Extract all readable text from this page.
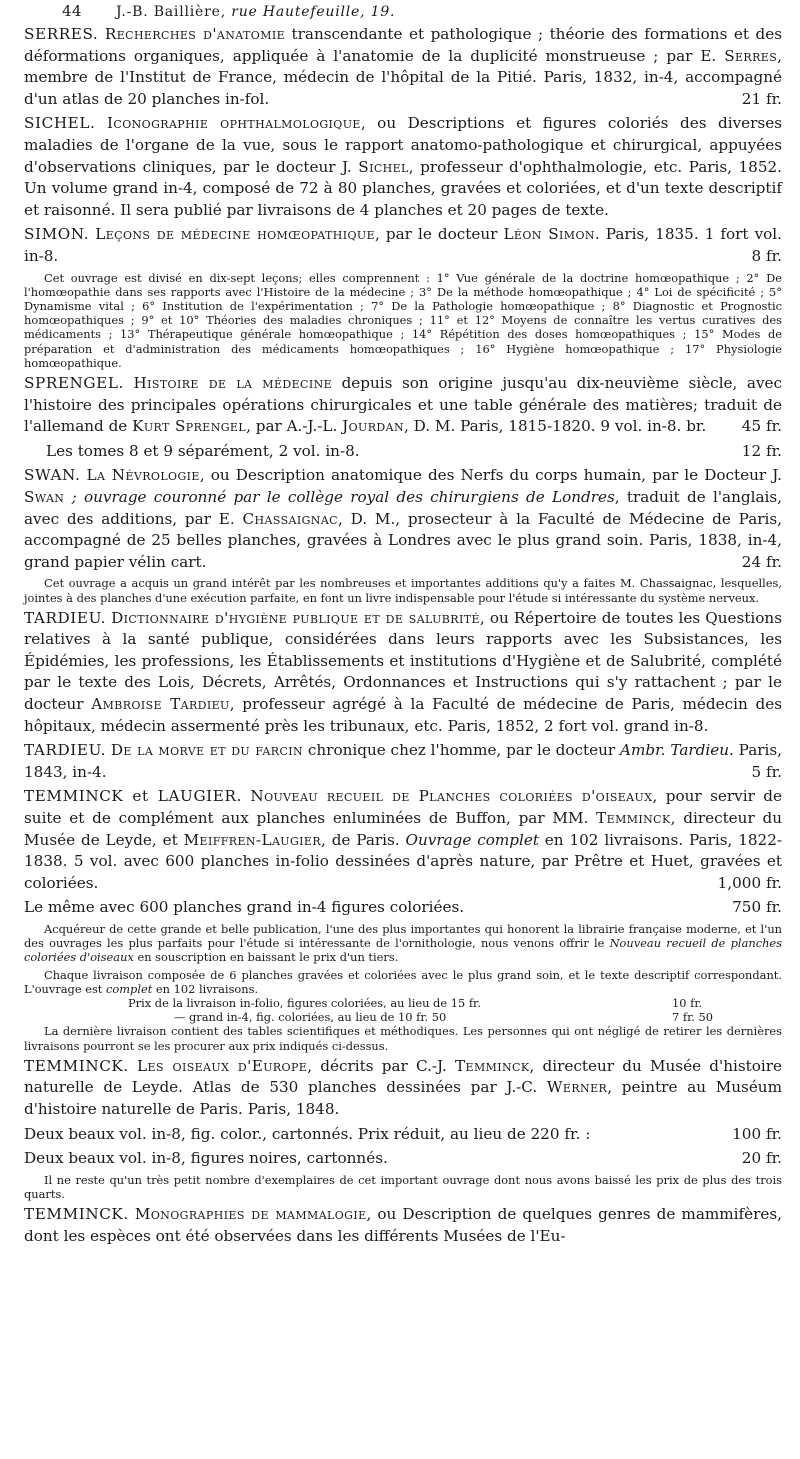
44 J.-B. Baillière, rue Hautefeuille, 19.

SERRES. Recherches d'anatomie transcendante et pathologique ; théorie des formations et des déformations organiques, appliquée à l'anatomie de la duplicité monstrueuse ; par E. Serres, membre de l'Institut de France, médecin de l'hôpital de la Pitié. Paris, 1832, in-4, accompagné d'un atlas de 20 planches in-fol.	21 fr.

SICHEL. Iconographie ophthalmologique, ou Descriptions et figures coloriés des diverses maladies de l'organe de la vue, sous le rapport anatomo-pathologique et chirurgical, appuyées d'observations cliniques, par le docteur J. Sichel, professeur d'ophthalmologie, etc. Paris, 1852. Un volume grand in-4, composé de 72 à 80 planches, gravées et coloriées, et d'un texte descriptif et raisonné. Il sera publié par livraisons de 4 planches et 20 pages de texte.

SIMON. Leçons de médecine homœopathique, par le docteur Léon Simon. Paris, 1835. 1 fort vol. in-8.	8 fr.

Cet ouvrage est divisé en dix-sept leçons; elles comprennent : 1° Vue générale de la doctrine homœopathique ; 2° De l'homœopathie dans ses rapports avec l'Histoire de la médecine ; 3° De la méthode homœopathique ; 4° Loi de spécificité ; 5° Dynamisme vital ; 6° Institution de l'expérimentation ; 7° De la Pathologie homœopathique ; 8° Diagnostic et Prognostic homœopathiques ; 9° et 10° Théories des maladies chroniques ; 11° et 12° Moyens de connaître les vertus curatives des médicaments ; 13° Thérapeutique générale homœopathique ; 14° Répétition des doses homœopathiques ; 15° Modes de préparation et d'administration des médicaments homœopathiques ; 16° Hygiène homœopathique ; 17° Physiologie homœopathique.

SPRENGEL. Histoire de la médecine depuis son origine jusqu'au dix-neuvième siècle, avec l'histoire des principales opérations chirurgicales et une table générale des matières; traduit de l'allemand de Kurt Sprengel, par A.-J.-L. Jourdan, D. M. Paris, 1815-1820. 9 vol. in-8. br.	45 fr.

Les tomes 8 et 9 séparément, 2 vol. in-8.	12 fr.

SWAN. La Névrologie, ou Description anatomique des Nerfs du corps humain, par le Docteur J. Swan ; ouvrage couronné par le collège royal des chirurgiens de Londres, traduit de l'anglais, avec des additions, par E. Chassaignac, D. M., prosecteur à la Faculté de Médecine de Paris, accompagné de 25 belles planches, gravées à Londres avec le plus grand soin. Paris, 1838, in-4, grand papier vélin cart.	24 fr.

Cet ouvrage a acquis un grand intérêt par les nombreuses et importantes additions qu'y a faites M. Chassaignac, lesquelles, jointes à des planches d'une exécution parfaite, en font un livre indispensable pour l'étude si intéressante du système nerveux.

TARDIEU. Dictionnaire d'hygiène publique et de salubrité, ou Répertoire de toutes les Questions relatives à la santé publique, considérées dans leurs rapports avec les Subsistances, les Épidémies, les professions, les Établissements et institutions d'Hygiène et de Salubrité, complété par le texte des Lois, Décrets, Arrêtés, Ordonnances et Instructions qui s'y rattachent ; par le docteur Ambroise Tardieu, professeur agrégé à la Faculté de médecine de Paris, médecin des hôpitaux, médecin assermenté près les tribunaux, etc. Paris, 1852, 2 fort vol. grand in-8.

TARDIEU. De la morve et du farcin chronique chez l'homme, par le docteur Ambr. Tardieu. Paris, 1843, in-4.	5 fr.

TEMMINCK et LAUGIER. Nouveau recueil de Planches coloriées d'oiseaux, pour servir de suite et de complément aux planches enluminées de Buffon, par MM. Temminck, directeur du Musée de Leyde, et Meiffren-Laugier, de Paris. Ouvrage complet en 102 livraisons. Paris, 1822-1838. 5 vol. avec 600 planches in-folio dessinées d'après nature, par Prêtre et Huet, gravées et coloriées.	1,000 fr.

Le même avec 600 planches grand in-4 figures coloriées.	750 fr.

Acquéreur de cette grande et belle publication, l'une des plus importantes qui honorent la librairie française moderne, et l'un des ouvrages les plus parfaits pour l'étude si intéressante de l'ornithologie, nous venons offrir le Nouveau recueil de planches coloriées d'oiseaux en souscription en baissant le prix d'un tiers.

Chaque livraison composée de 6 planches gravées et coloriées avec le plus grand soin, et le texte descriptif correspondant. L'ouvrage est complet en 102 livraisons.

Prix de la livraison in-folio, figures coloriées, au lieu de 15 fr.	10 fr.
— grand in-4, fig. coloriées, au lieu de 10 fr. 50	7 fr. 50

La dernière livraison contient des tables scientifiques et méthodiques. Les personnes qui ont négligé de retirer les dernières livraisons pourront se les procurer aux prix indiqués ci-dessus.

TEMMINCK. Les oiseaux d'Europe, décrits par C.-J. Temminck, directeur du Musée d'histoire naturelle de Leyde. Atlas de 530 planches dessinées par J.-C. Werner, peintre au Muséum d'histoire naturelle de Paris. Paris, 1848.

Deux beaux vol. in-8, fig. color., cartonnés. Prix réduit, au lieu de 220 fr. :	100 fr.

Deux beaux vol. in-8, figures noires, cartonnés.	20 fr.

Il ne reste qu'un très petit nombre d'exemplaires de cet important ouvrage dont nous avons baissé les prix de plus des trois quarts.

TEMMINCK. Monographies de mammalogie, ou Description de quelques genres de mammifères, dont les espèces ont été observées dans les différents Musées de l'Eu-
